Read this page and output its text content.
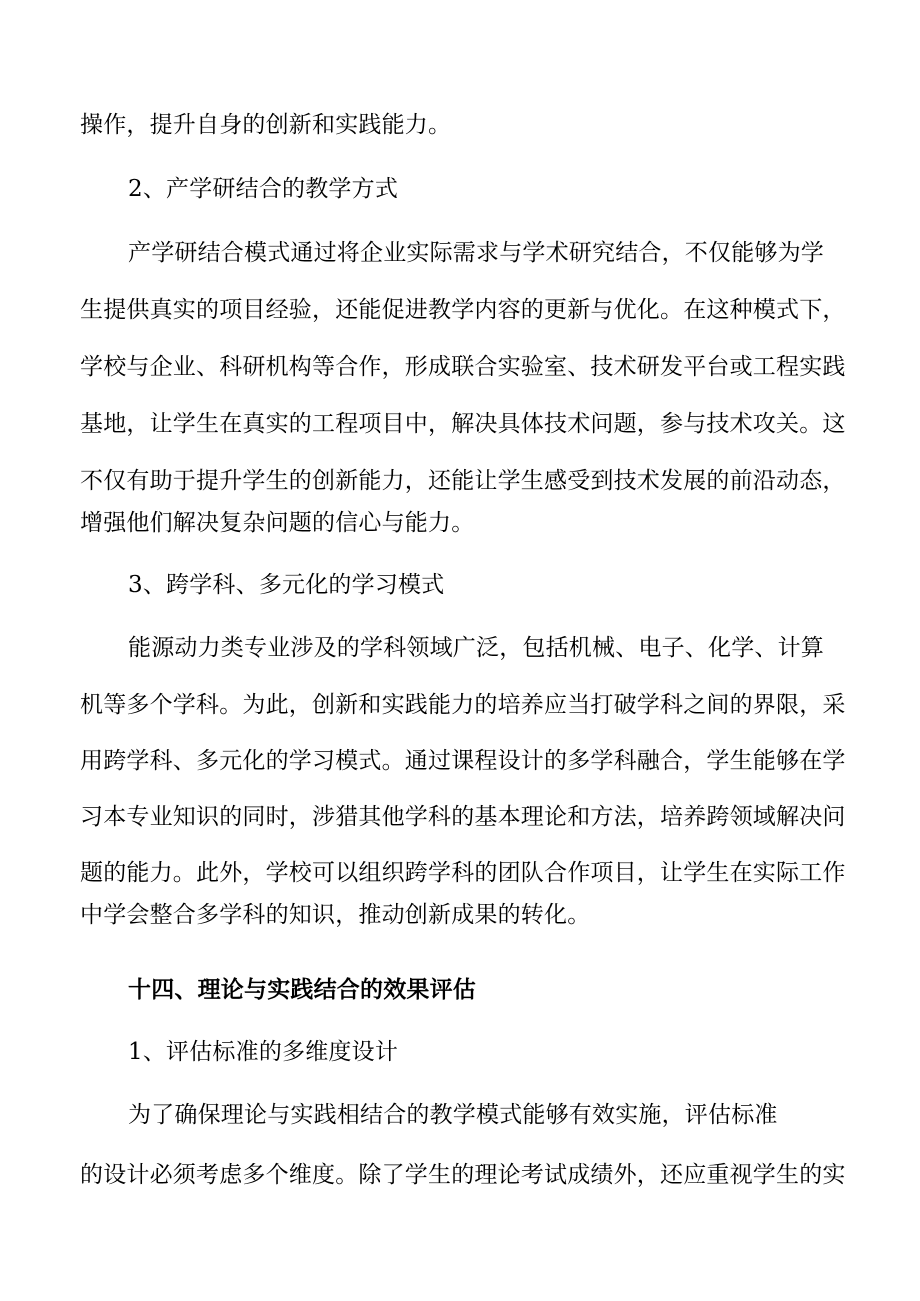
操作，提升自身的创新和实践能力。
2、产学研结合的教学方式
产学研结合模式通过将企业实际需求与学术研究结合，不仅能够为学
生提供真实的项目经验，还能促进教学内容的更新与优化。在这种模式下，
学校与企业、科研机构等合作，形成联合实验室、技术研发平台或工程实践
基地，让学生在真实的工程项目中，解决具体技术问题，参与技术攻关。这
不仅有助于提升学生的创新能力，还能让学生感受到技术发展的前沿动态，
增强他们解决复杂问题的信心与能力。
3、跨学科、多元化的学习模式
能源动力类专业涉及的学科领域广泛，包括机械、电子、化学、计算
机等多个学科。为此，创新和实践能力的培养应当打破学科之间的界限，采
用跨学科、多元化的学习模式。通过课程设计的多学科融合，学生能够在学
习本专业知识的同时，涉猎其他学科的基本理论和方法，培养跨领域解决问
题的能力。此外，学校可以组织跨学科的团队合作项目，让学生在实际工作
中学会整合多学科的知识，推动创新成果的转化。
十四、理论与实践结合的效果评估
1、评估标准的多维度设计
为了确保理论与实践相结合的教学模式能够有效实施，评估标准
的设计必须考虑多个维度。除了学生的理论考试成绩外，还应重视学生的实
